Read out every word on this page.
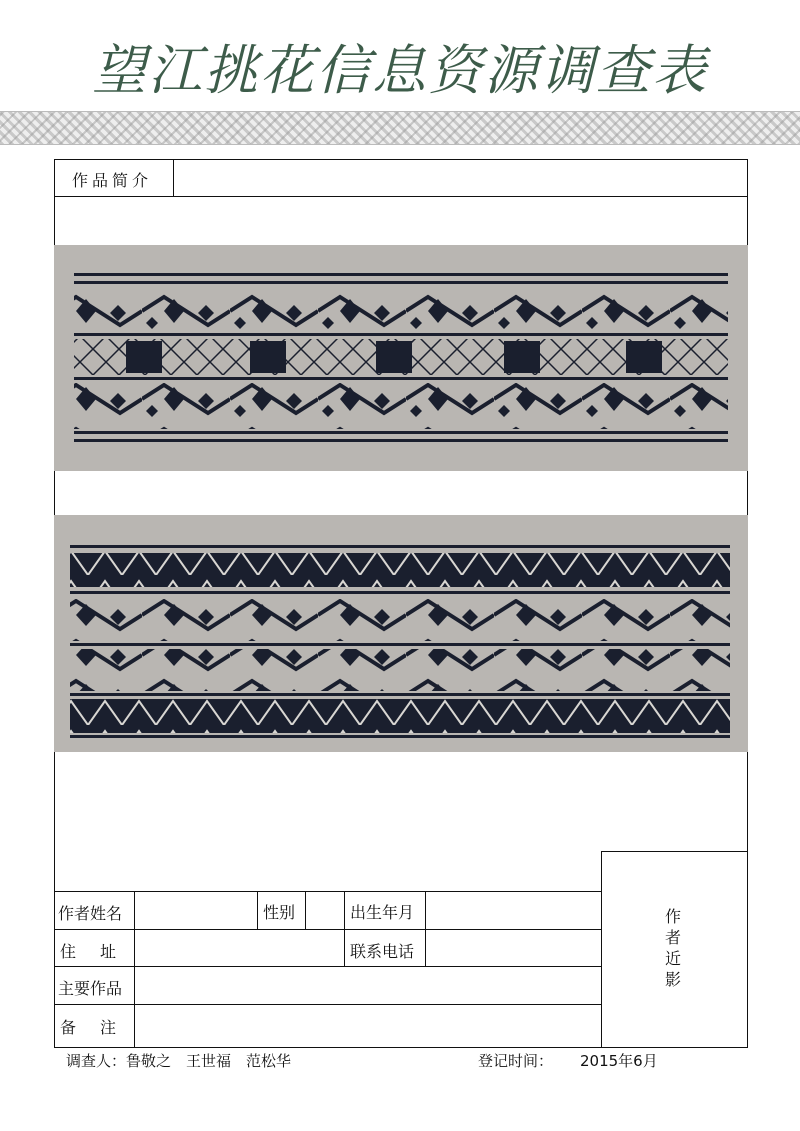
望江挑花信息资源调查表
作品简介
作者近影
作者姓名	性别	出生年月
住　址	联系电话
主要作品
备　注
调查人：鲁敬之　王世福　范松华	登记时间： 2015年6月
